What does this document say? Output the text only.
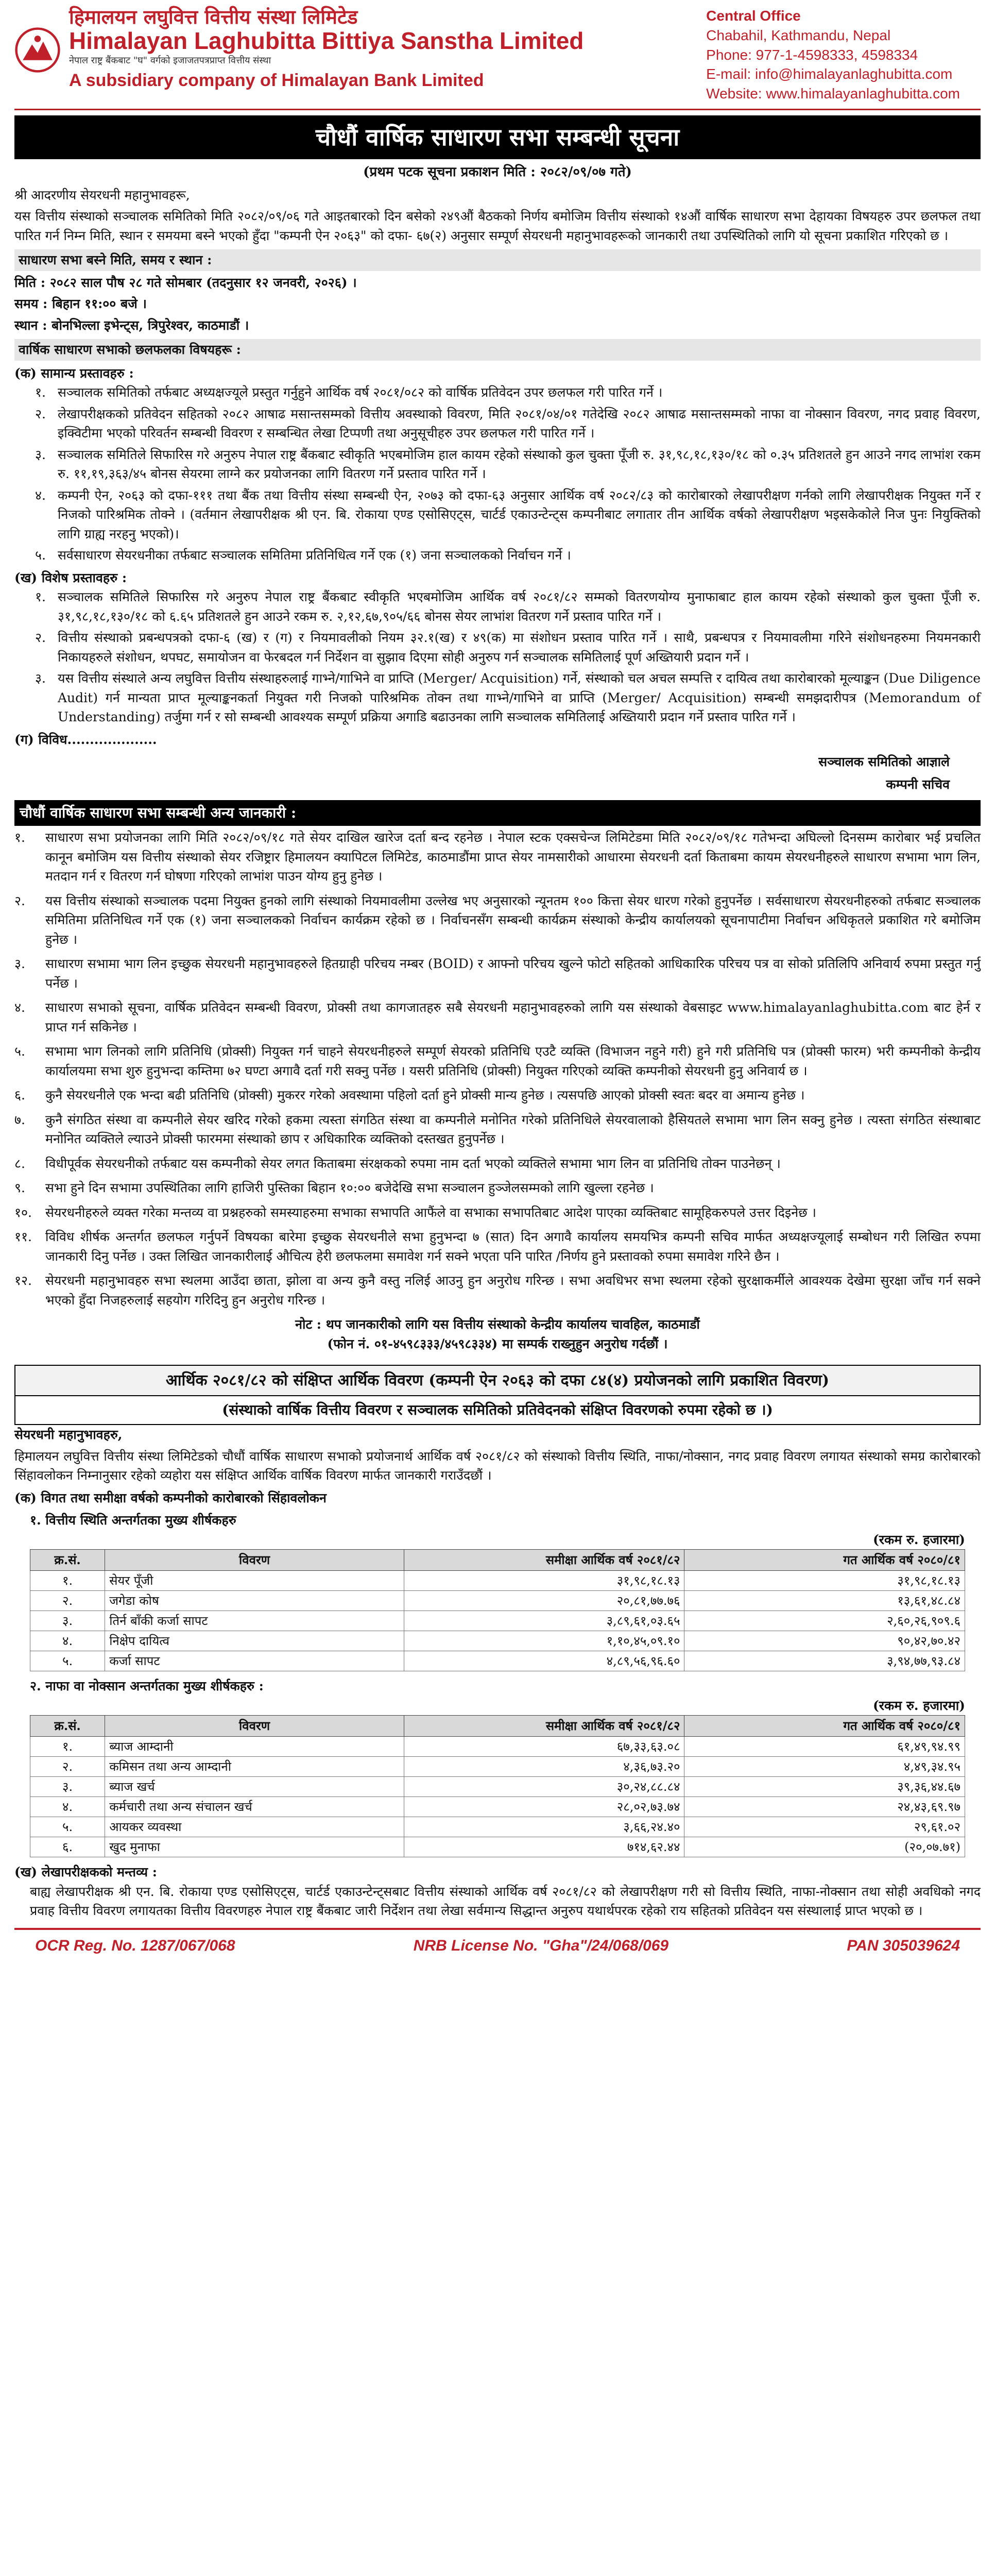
हिमालयन लघुवित्त वित्तीय संस्था लिमिटेड
Himalayan Laghubitta Bittiya Sanstha Limited
नेपाल राष्ट्र बैंकबाट "घ" वर्गको इजाजतपत्रप्राप्त वित्तीय संस्था
A subsidiary company of Himalayan Bank Limited
Central Office
Chabahil, Kathmandu, Nepal
Phone: 977-1-4598333, 4598334
E-mail: info@himalayanlaghubitta.com
Website: www.himalayanlaghubitta.com
चौधौं वार्षिक साधारण सभा सम्बन्धी सूचना
(प्रथम पटक सूचना प्रकाशन मिति : २०८२/०९/०७ गते)

श्री आदरणीय सेयरधनी महानुभावहरू,

यस वित्तीय संस्थाको सञ्चालक समितिको मिति २०८२/०९/०६ गते आइतबारको दिन बसेको २४९औं बैठकको निर्णय बमोजिम वित्तीय संस्थाको १४औं वार्षिक साधारण सभा देहायका विषयहरु उपर छलफल तथा पारित गर्न निम्न मिति, स्थान र समयमा बस्ने भएको हुँदा "कम्पनी ऐन २०६३" को दफा- ६७(२) अनुसार सम्पूर्ण सेयरधनी महानुभावहरूको जानकारी तथा उपस्थितिको लागि यो सूचना प्रकाशित गरिएको छ ।

साधारण सभा बस्ने मिति, समय र स्थान :

मिति : २०८२ साल पौष २८ गते सोमबार (तदनुसार १२ जनवरी, २०२६) ।

समय : बिहान ११:०० बजे ।

स्थान : बोनभिल्ला इभेन्ट्स, त्रिपुरेश्वर, काठमाडौं ।

वार्षिक साधारण सभाको छलफलका विषयहरू :
(क) सामान्य प्रस्तावहरु :
१. सञ्चालक समितिको तर्फबाट अध्यक्षज्यूले प्रस्तुत गर्नुहुने आर्थिक वर्ष २०८१/०८२ को वार्षिक प्रतिवेदन उपर छलफल गरी पारित गर्ने ।
२. लेखापरीक्षकको प्रतिवेदन सहितको २०८२ आषाढ मसान्तसम्मको वित्तीय अवस्थाको विवरण, मिति २०८१/०४/०१ गतेदेखि २०८२ आषाढ मसान्तसम्मको नाफा वा नोक्सान विवरण, नगद प्रवाह विवरण, इक्विटीमा भएको परिवर्तन सम्बन्धी विवरण र सम्बन्धित लेखा टिप्पणी तथा अनुसूचीहरु उपर छलफल गरी पारित गर्ने ।
३. सञ्चालक समितिले सिफारिस गरे अनुरुप नेपाल राष्ट्र बैंकबाट स्वीकृति भएबमोजिम हाल कायम रहेको संस्थाको कुल चुक्ता पूँजी रु. ३१,९८,१८,१३०/१८ को ०.३५ प्रतिशतले हुन आउने नगद लाभांश रकम रु. ११,१९,३६३/४५ बोनस सेयरमा लाग्ने कर प्रयोजनका लागि वितरण गर्ने प्रस्ताव पारित गर्ने ।
४. कम्पनी ऐन, २०६३ को दफा-१११ तथा बैंक तथा वित्तीय संस्था सम्बन्धी ऐन, २०७३ को दफा-६३ अनुसार आर्थिक वर्ष २०८२/८३ को कारोबारको लेखापरीक्षण गर्नको लागि लेखापरीक्षक नियुक्त गर्ने र निजको पारिश्रमिक तोक्ने । (वर्तमान लेखापरीक्षक श्री एन. बि. रोकाया एण्ड एसोसिएट्स, चार्टर्ड एकाउन्टेन्ट्स कम्पनीबाट लगातार तीन आर्थिक वर्षको लेखापरीक्षण भइसकेकोले निज पुनः नियुक्तिको लागि ग्राह्य नरहनु भएको)।
५. सर्वसाधारण सेयरधनीका तर्फबाट सञ्चालक समितिमा प्रतिनिधित्व गर्ने एक (१) जना सञ्चालकको निर्वाचन गर्ने ।
(ख) विशेष प्रस्तावहरु :
१. सञ्चालक समितिले सिफारिस गरे अनुरुप नेपाल राष्ट्र बैंकबाट स्वीकृति भएबमोजिम आर्थिक वर्ष २०८१/८२ सम्मको वितरणयोग्य मुनाफाबाट हाल कायम रहेको संस्थाको कुल चुक्ता पूँजी रु. ३१,९८,१८,१३०/१८ को ६.६५ प्रतिशतले हुन आउने रकम रु. २,१२,६७,९०५/६६ बोनस सेयर लाभांश वितरण गर्ने प्रस्ताव पारित गर्ने ।
२. वित्तीय संस्थाको प्रबन्धपत्रको दफा-६ (ख) र (ग) र नियमावलीको नियम ३२.१(ख) र ४९(क) मा संशोधन प्रस्ताव पारित गर्ने । साथै, प्रबन्धपत्र र नियमावलीमा गरिने संशोधनहरुमा नियमनकारी निकायहरुले संशोधन, थपघट, समायोजन वा फेरबदल गर्न निर्देशन वा सुझाव दिएमा सोही अनुरुप गर्न सञ्चालक समितिलाई पूर्ण अख्तियारी प्रदान गर्ने ।
३. यस वित्तीय संस्थाले अन्य लघुवित्त वित्तीय संस्थाहरुलाई गाभ्ने/गाभिने वा प्राप्ति (Merger/ Acquisition) गर्ने, संस्थाको चल अचल सम्पत्ति र दायित्व तथा कारोबारको मूल्याङ्कन (Due Diligence Audit) गर्न मान्यता प्राप्त मूल्याङ्कनकर्ता नियुक्त गरी निजको पारिश्रमिक तोक्न तथा गाभ्ने/गाभिने वा प्राप्ति (Merger/ Acquisition) सम्बन्धी समझदारीपत्र (Memorandum of Understanding) तर्जुमा गर्न र सो सम्बन्धी आवश्यक सम्पूर्ण प्रक्रिया अगाडि बढाउनका लागि सञ्चालक समितिलाई अख्तियारी प्रदान गर्ने प्रस्ताव पारित गर्ने ।
(ग) विविध....................
सञ्चालक समितिको आज्ञाले
कम्पनी सचिव
चौधौं वार्षिक साधारण सभा सम्बन्धी अन्य जानकारी :
१.	साधारण सभा प्रयोजनका लागि मिति २०८२/०९/१८ गते सेयर दाखिल खारेज दर्ता बन्द रहनेछ । नेपाल स्टक एक्सचेन्ज लिमिटेडमा मिति २०८२/०९/१८ गतेभन्दा अघिल्लो दिनसम्म कारोबार भई प्रचलित कानून बमोजिम यस वित्तीय संस्थाको सेयर रजिष्ट्रार हिमालयन क्यापिटल लिमिटेड, काठमाडौंमा प्राप्त सेयर नामसारीको आधारमा सेयरधनी दर्ता किताबमा कायम सेयरधनीहरुले साधारण सभामा भाग लिन, मतदान गर्न र वितरण गर्न घोषणा गरिएको लाभांश पाउन योग्य हुनु हुनेछ ।
२.	यस वित्तीय संस्थाको सञ्चालक पदमा नियुक्त हुनको लागि संस्थाको नियमावलीमा उल्लेख भए अनुसारको न्यूनतम १०० कित्ता सेयर धारण गरेको हुनुपर्नेछ । सर्वसाधारण सेयरधनीहरुको तर्फबाट सञ्चालक समितिमा प्रतिनिधित्व गर्ने एक (१) जना सञ्चालकको निर्वाचन कार्यक्रम रहेको छ । निर्वाचनसँग सम्बन्धी कार्यक्रम संस्थाको केन्द्रीय कार्यालयको सूचनापाटीमा निर्वाचन अधिकृतले प्रकाशित गरे बमोजिम हुनेछ ।
३.	साधारण सभामा भाग लिन इच्छुक सेयरधनी महानुभावहरुले हितग्राही परिचय नम्बर (BOID) र आफ्नो परिचय खुल्ने फोटो सहितको आधिकारिक परिचय पत्र वा सोको प्रतिलिपि अनिवार्य रुपमा प्रस्तुत गर्नु पर्नेछ ।
४.	साधारण सभाको सूचना, वार्षिक प्रतिवेदन सम्बन्धी विवरण, प्रोक्सी तथा कागजातहरु सबै सेयरधनी महानुभावहरुको लागि यस संस्थाको वेबसाइट www.himalayanlaghubitta.com बाट हेर्न र प्राप्त गर्न सकिनेछ ।
५.	सभामा भाग लिनको लागि प्रतिनिधि (प्रोक्सी) नियुक्त गर्न चाहने सेयरधनीहरुले सम्पूर्ण सेयरको प्रतिनिधि एउटै व्यक्ति (विभाजन नहुने गरी) हुने गरी प्रतिनिधि पत्र (प्रोक्सी फारम) भरी कम्पनीको केन्द्रीय कार्यालयमा सभा शुरु हुनुभन्दा कम्तिमा ७२ घण्टा अगावै दर्ता गरी सक्नु पर्नेछ । यसरी प्रतिनिधि (प्रोक्सी) नियुक्त गरिएको व्यक्ति कम्पनीको सेयरधनी हुनु अनिवार्य छ ।
६.	कुनै सेयरधनीले एक भन्दा बढी प्रतिनिधि (प्रोक्सी) मुकरर गरेको अवस्थामा पहिलो दर्ता हुने प्रोक्सी मान्य हुनेछ । त्यसपछि आएको प्रोक्सी स्वतः बदर वा अमान्य हुनेछ ।
७.	कुनै संगठित संस्था वा कम्पनीले सेयर खरिद गरेको हकमा त्यस्ता संगठित संस्था वा कम्पनीले मनोनित गरेको प्रतिनिधिले सेयरवालाको हैसियतले सभामा भाग लिन सक्नु हुनेछ । त्यस्ता संगठित संस्थाबाट मनोनित व्यक्तिले ल्याउने प्रोक्सी फारममा संस्थाको छाप र अधिकारिक व्यक्तिको दस्तखत हुनुपर्नेछ ।
८.	विधीपूर्वक सेयरधनीको तर्फबाट यस कम्पनीको सेयर लगत किताबमा संरक्षकको रुपमा नाम दर्ता भएको व्यक्तिले सभामा भाग लिन वा प्रतिनिधि तोक्न पाउनेछन् ।
९.	सभा हुने दिन सभामा उपस्थितिका लागि हाजिरी पुस्तिका बिहान १०:०० बजेदेखि सभा सञ्चालन हुञ्जेलसम्मको लागि खुल्ला रहनेछ ।
१०.	सेयरधनीहरुले व्यक्त गरेका मन्तव्य वा प्रश्नहरुको समस्याहरुमा सभाका सभापति आफैंले वा सभाका सभापतिबाट आदेश पाएका व्यक्तिबाट सामूहिकरुपले उत्तर दिइनेछ ।
११.	विविध शीर्षक अन्तर्गत छलफल गर्नुपर्ने विषयका बारेमा इच्छुक सेयरधनीले सभा हुनुभन्दा ७ (सात) दिन अगावै कार्यालय समयभित्र कम्पनी सचिव मार्फत अध्यक्षज्यूलाई सम्बोधन गरी लिखित रुपमा जानकारी दिनु पर्नेछ । उक्त लिखित जानकारीलाई औचित्य हेरी छलफलमा समावेश गर्न सक्ने भएता पनि पारित /निर्णय हुने प्रस्तावको रुपमा समावेश गरिने छैन ।
१२.	सेयरधनी महानुभावहरु सभा स्थलमा आउँदा छाता, झोला वा अन्य कुनै वस्तु नलिई आउनु हुन अनुरोध गरिन्छ । सभा अवधिभर सभा स्थलमा रहेको सुरक्षाकर्मीले आवश्यक देखेमा सुरक्षा जाँच गर्न सक्ने भएको हुँदा निजहरुलाई सहयोग गरिदिनु हुन अनुरोध गरिन्छ ।
नोट : थप जानकारीको लागि यस वित्तीय संस्थाको केन्द्रीय कार्यालय चावहिल, काठमाडौं
(फोन नं. ०१-४५९८३३३/४५९८३३४) मा सम्पर्क राख्नुहुन अनुरोध गर्दछौं ।
आर्थिक २०८१/८२ को संक्षिप्त आर्थिक विवरण (कम्पनी ऐन २०६३ को दफा ८४(४) प्रयोजनको लागि प्रकाशित विवरण)
(संस्थाको वार्षिक वित्तीय विवरण र सञ्चालक समितिको प्रतिवेदनको संक्षिप्त विवरणको रुपमा रहेको छ ।)

सेयरधनी महानुभावहरु,

हिमालयन लघुवित्त वित्तीय संस्था लिमिटेडको चौधौं वार्षिक साधारण सभाको प्रयोजनार्थ आर्थिक वर्ष २०८१/८२ को संस्थाको वित्तीय स्थिति, नाफा/नोक्सान, नगद प्रवाह विवरण लगायत संस्थाको समग्र कारोबारको सिंहावलोकन निम्नानुसार रहेको व्यहोरा यस संक्षिप्त आर्थिक वार्षिक विवरण मार्फत जानकारी गराउँदछौं ।

(क) विगत तथा समीक्षा वर्षको कम्पनीको कारोबारको सिंहावलोकन
१. वित्तीय स्थिति अन्तर्गतका मुख्य शीर्षकहरु
(रकम रु. हजारमा)
क्र.सं.	विवरण	समीक्षा आर्थिक वर्ष २०८१/८२	गत आर्थिक वर्ष २०८०/८१
१.	सेयर पूँजी	३१,९८,१८.१३	३१,९८,१८.१३
२.	जगेडा कोष	२०,८१,७७.७६	१३,६१,४८.८४
३.	तिर्न बाँकी कर्जा सापट	३,८९,६१,०३.६५	२,६०,२६,९०९.६
४.	निक्षेप दायित्व	१,१०,४५,०९.१०	९०,४२,७०.४२
५.	कर्जा सापट	४,८९,५६,९६.६०	३,९४,७७,९३.८४
२. नाफा वा नोक्सान अन्तर्गतका मुख्य शीर्षकहरु :
(रकम रु. हजारमा)
क्र.सं.	विवरण	समीक्षा आर्थिक वर्ष २०८१/८२	गत आर्थिक वर्ष २०८०/८१
१.	ब्याज आम्दानी	६७,३३,६३.०८	६१,४९,९४.९९
२.	कमिसन तथा अन्य आम्दानी	४,३६,७३.२०	४,४९,३४.९५
३.	ब्याज खर्च	३०,२४,८८.८४	३९,३६,४४.६७
४.	कर्मचारी तथा अन्य संचालन खर्च	२८,०२,७३.७४	२४,४३,६९.९७
५.	आयकर व्यवस्था	३,६६,२४.४०	२९,६१.०२
६.	खुद मुनाफा	७१४,६२.४४	(२०,०७.७१)
(ख) लेखापरीक्षकको मन्तव्य :

बाह्य लेखापरीक्षक श्री एन. बि. रोकाया एण्ड एसोसिएट्स, चार्टर्ड एकाउन्टेन्ट्सबाट वित्तीय संस्थाको आर्थिक वर्ष २०८१/८२ को लेखापरीक्षण गरी सो वित्तीय स्थिति, नाफा-नोक्सान तथा सोही अवधिको नगद प्रवाह वित्तीय विवरण लगायतका वित्तीय विवरणहरु नेपाल राष्ट्र बैंकबाट जारी निर्देशन तथा लेखा सर्वमान्य सिद्धान्त अनुरुप यथार्थपरक रहेको राय सहितको प्रतिवेदन यस संस्थालाई प्राप्त भएको छ ।

OCR Reg. No. 1287/067/068	NRB License No. "Gha"/24/068/069	PAN 305039624
